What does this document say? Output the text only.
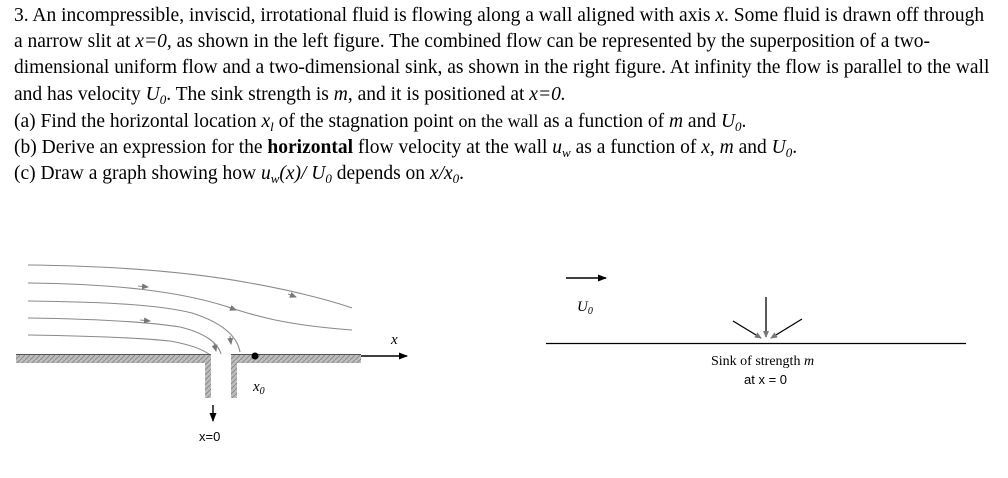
3. An incompressible, inviscid, irrotational fluid is flowing along a wall aligned with axis x. Some fluid is drawn off through a narrow slit at x=0, as shown in the left figure. The combined flow can be represented by the superposition of a two-dimensional uniform flow and a two-dimensional sink, as shown in the right figure. At infinity the flow is parallel to the wall and has velocity $U_0$. The sink strength is m, and it is positioned at x=0.

(a) Find the horizontal location $x_l$ of the stagnation point on the wall as a function of m and $U_0$.

(b) Derive an expression for the horizontal flow velocity at the wall $u_w$ as a function of x, m and $U_0$.

(c) Draw a graph showing how $u_w(x)/$ $U_0$ depends on $x/x_0$.

x
$x_0$
x=0
$U_0$
Sink of strength m
at x = 0
